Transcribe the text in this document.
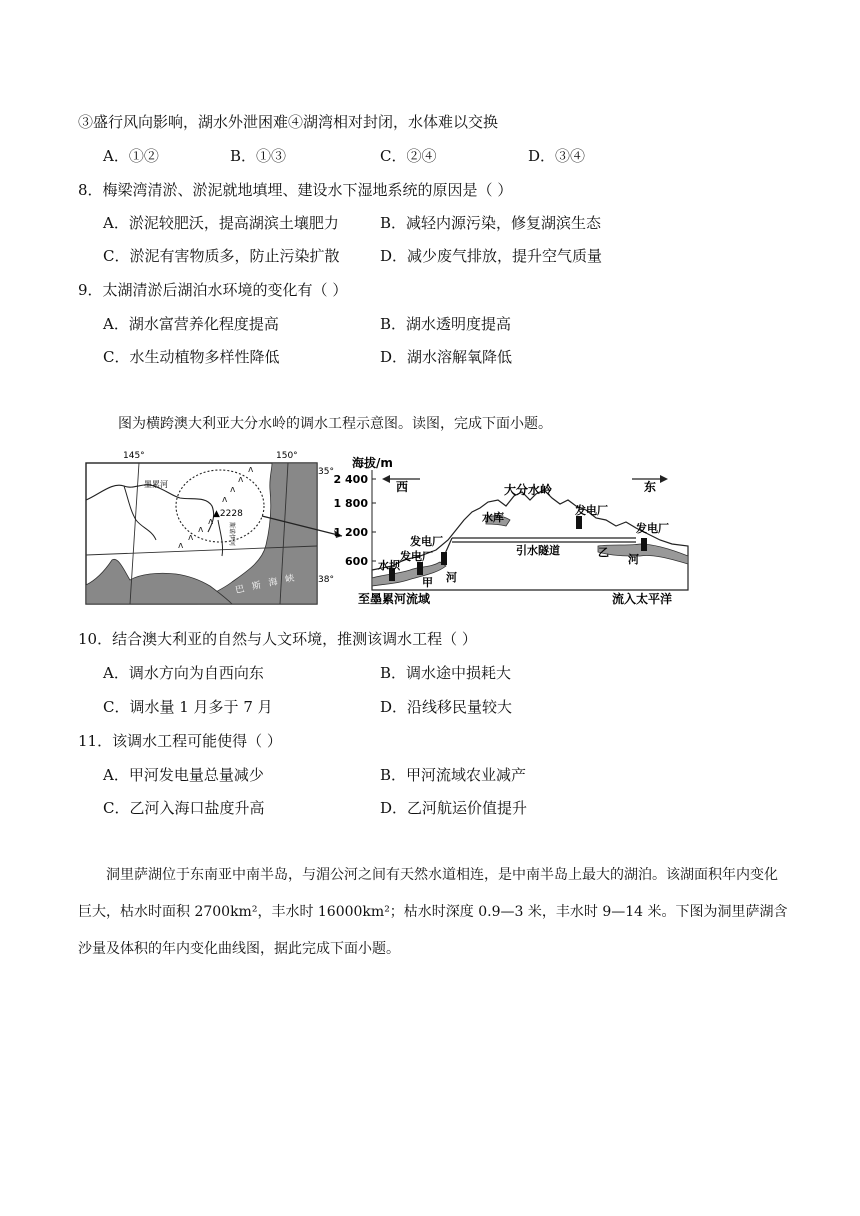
③盛行风向影响，湖水外泄困难④湖湾相对封闭，水体难以交换
A．①②	B．①③	C．②④	D．③④
8．梅梁湾清淤、淤泥就地填埋、建设水下湿地系统的原因是（ ）
A．淤泥较肥沃，提高湖滨土壤肥力	B．减轻内源污染，修复湖滨生态
C．淤泥有害物质多，防止污染扩散	D．减少废气排放，提升空气质量
9．太湖清淤后湖泊水环境的变化有（ ）
A．湖水富营养化程度提高	B．湖水透明度提高
C．水生动植物多样性降低	D．湖水溶解氧降低
图为横跨澳大利亚大分水岭的调水工程示意图。读图，完成下面小题。
ᴧ
ᴧ
ᴧ
ᴧ
ᴧ
ᴧ
ᴧ
ᴧ
145°	150°
35°
38°
墨累河
▲2228
斯诺伊河
巴斯海峡
海拔/m
2 400
1 800
1 200
600
西	东
大分水岭
水库
发电厂
发电厂
发电厂
发电厂
水坝
甲 河
引水隧道	乙
河
至墨累河流域	流入太平洋
10．结合澳大利亚的自然与人文环境，推测该调水工程（ ）
A．调水方向为自西向东	B．调水途中损耗大
C．调水量 1 月多于 7 月	D．沿线移民量较大
11．该调水工程可能使得（ ）
A．甲河发电量总量减少	B．甲河流域农业减产
C．乙河入海口盐度升高	D．乙河航运价值提升
洞里萨湖位于东南亚中南半岛，与湄公河之间有天然水道相连，是中南半岛上最大的湖泊。该湖面积年内变化巨大，枯水时面积 2700km²，丰水时 16000km²；枯水时深度 0.9—3 米，丰水时 9—14 米。下图为洞里萨湖含沙量及体积的年内变化曲线图，据此完成下面小题。
